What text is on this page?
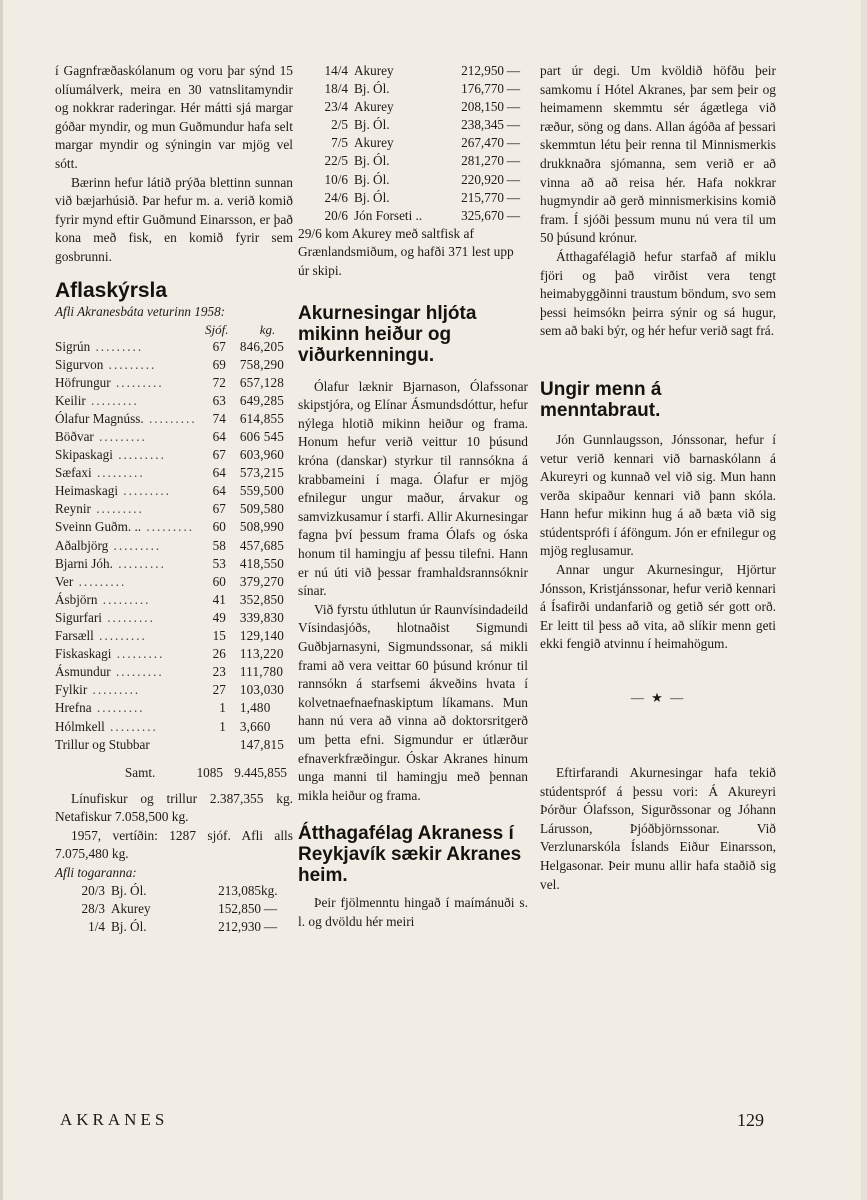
í Gagnfræðaskólanum og voru þar sýnd 15 olíumálverk, meira en 30 vatnslitamyndir og nokkrar raderingar. Hér mátti sjá margar góðar myndir, og mun Guðmundur hafa selt margar myndir og sýningin var mjög vel sótt.

Bærinn hefur látið prýða blettinn sunnan við bæjarhúsið. Þar hefur m. a. verið komið fyrir mynd eftir Guðmund Einarsson, er það kona með fisk, en komið fyrir sem gosbrunni.

Aflaskýrsla
Afli Akranesbáta veturinn 1958:
Sjóf. kg.
Sigrún .........	67	846,205
Sigurvon .........	69	758,290
Höfrungur .........	72	657,128
Keilir .........	63	649,285
Ólafur Magnúss. .........	74	614,855
Böðvar .........	64	606 545
Skipaskagi .........	67	603,960
Sæfaxi .........	64	573,215
Heimaskagi .........	64	559,500
Reynir .........	67	509,580
Sveinn Guðm. .. .........	60	508,990
Aðalbjörg .........	58	457,685
Bjarni Jóh. .........	53	418,550
Ver .........	60	379,270
Ásbjörn .........	41	352,850
Sigurfari .........	49	339,830
Farsæll .........	15	129,140
Fiskaskagi .........	26	113,220
Ásmundur .........	23	111,780
Fylkir .........	27	103,030
Hrefna .........	1	1,480
Hólmkell .........	1	3,660
Trillur og Stubbar		147,815
Samt.	1085 9.445,855

Línufiskur og trillur 2.387,355 kg. Netafiskur 7.058,500 kg.

1957, vertíðin: 1287 sjóf. Afli alls 7.075,480 kg.

Afli togaranna:
20/3 Bj. Ól.	213,085 kg.
28/3 Akurey	152,850 —
1/4 Bj. Ól.	212,930 —
14/4 Akurey	212,950 —
18/4 Bj. Ól.	176,770 —
23/4 Akurey	208,150 —
2/5 Bj. Ól.	238,345 —
7/5 Akurey	267,470 —
22/5 Bj. Ól.	281,270 —
10/6 Bj. Ól.	220,920 —
24/6 Bj. Ól.	215,770 —
20/6 Jón Forseti ..	325,670 —

29/6 kom Akurey með saltfisk af Grænlandsmiðum, og hafði 371 lest upp úr skipi.

Akurnesingar hljóta mikinn heiður og viðurkenningu.

Ólafur læknir Bjarnason, Ólafssonar skipstjóra, og Elínar Ásmundsdóttur, hefur nýlega hlotið mikinn heiður og frama. Honum hefur verið veittur 10 þúsund króna (danskar) styrkur til rannsókna á krabbameini í maga. Ólafur er mjög efnilegur ungur maður, árvakur og samvizkusamur í starfi. Allir Akurnesingar fagna því þessum frama Ólafs og óska honum til hamingju af þessu tilefni. Hann er nú úti við þessar framhaldsrannsóknir sínar.

Við fyrstu úthlutun úr Raunvísindadeild Vísindasjóðs, hlotnaðist Sigmundi Guðbjarnasyni, Sigmundssonar, sá mikli frami að vera veittar 60 þúsund krónur til rannsókn á starfsemi ákveðins hvata í kolvetnaefnaefnaskiptum líkamans. Mun hann nú vera að vinna að doktorsritgerð um þetta efni. Sigmundur er útlærður efnaverkfræðingur. Óskar Akranes hinum unga manni til hamingju með þennan mikla heiður og frama.

Átthagafélag Akraness í Reykjavík sækir Akranes heim.

Þeir fjölmenntu hingað í maímánuði s. l. og dvöldu hér meiri

part úr degi. Um kvöldið höfðu þeir samkomu í Hótel Akranes, þar sem þeir og heimamenn skemmtu sér ágætlega við ræður, söng og dans. Allan ágóða af þessari skemmtun létu þeir renna til Minnismerkis drukknaðra sjómanna, sem verið er að vinna að að reisa hér. Hafa nokkrar hugmyndir að gerð minnismerkisins komið fram. Í sjóði þessum munu nú vera til um 50 þúsund krónur.

Átthagafélagið hefur starfað af miklu fjöri og það virðist vera tengt heimabyggðinni traustum böndum, svo sem þessi heimsókn þeirra sýnir og sá hugur, sem að baki býr, og hér hefur verið sagt frá.

Ungir menn á menntabraut.

Jón Gunnlaugsson, Jónssonar, hefur í vetur verið kennari við barnaskólann á Akureyri og kunnað vel við sig. Mun hann verða skipaður kennari við þann skóla. Hann hefur mikinn hug á að bæta við sig stúdentsprófi í áföngum. Jón er efnilegur og mjög reglusamur.

Annar ungur Akurnesingur, Hjörtur Jónsson, Kristjánssonar, hefur verið kennari á Ísafirði undanfarið og getið sér gott orð. Er leitt til þess að vita, að slíkir menn geti ekki fengið atvinnu í heimahögum.

— ★ —

Eftirfarandi Akurnesingar hafa tekið stúdentspróf á þessu vori: Á Akureyri Þórður Ólafsson, Sigurðssonar og Jóhann Lárusson, Þjóðbjörnssonar. Við Verzlunarskóla Íslands Eiður Einarsson, Helgasonar. Þeir munu allir hafa staðið sig vel.

AKRANES	129
